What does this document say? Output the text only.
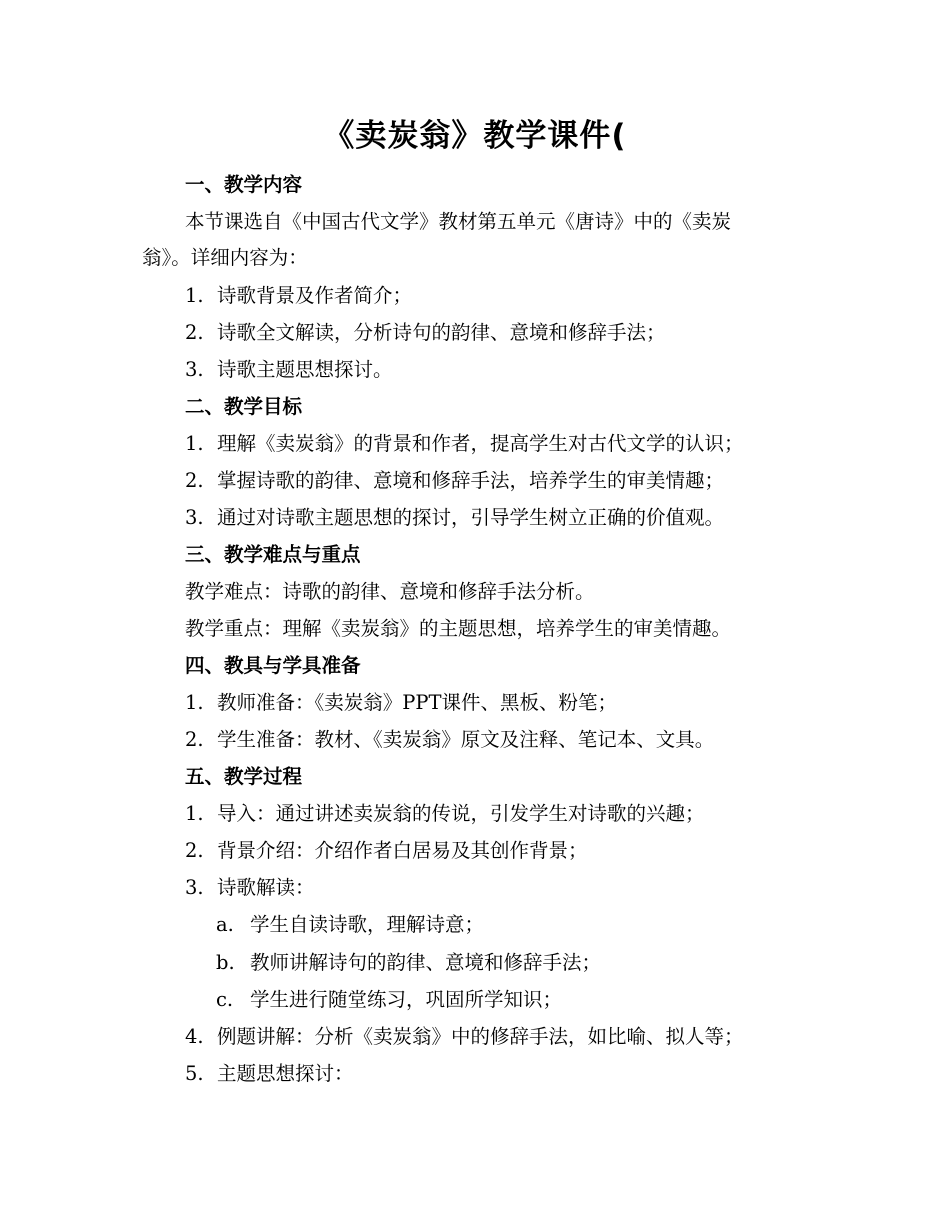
《卖炭翁》教学课件(
一、教学内容
本节课选自《中国古代文学》教材第五单元《唐诗》中的《卖炭
翁》。详细内容为：
1. 诗歌背景及作者简介；
2. 诗歌全文解读，分析诗句的韵律、意境和修辞手法；
3. 诗歌主题思想探讨。
二、教学目标
1. 理解《卖炭翁》的背景和作者，提高学生对古代文学的认识；
2. 掌握诗歌的韵律、意境和修辞手法，培养学生的审美情趣；
3. 通过对诗歌主题思想的探讨，引导学生树立正确的价值观。
三、教学难点与重点
教学难点：诗歌的韵律、意境和修辞手法分析。
教学重点：理解《卖炭翁》的主题思想，培养学生的审美情趣。
四、教具与学具准备
1. 教师准备：《卖炭翁》PPT课件、黑板、粉笔；
2. 学生准备：教材、《卖炭翁》原文及注释、笔记本、文具。
五、教学过程
1. 导入：通过讲述卖炭翁的传说，引发学生对诗歌的兴趣；
2. 背景介绍：介绍作者白居易及其创作背景；
3. 诗歌解读：
a. 学生自读诗歌，理解诗意；
b. 教师讲解诗句的韵律、意境和修辞手法；
c. 学生进行随堂练习，巩固所学知识；
4. 例题讲解：分析《卖炭翁》中的修辞手法，如比喻、拟人等；
5. 主题思想探讨：
